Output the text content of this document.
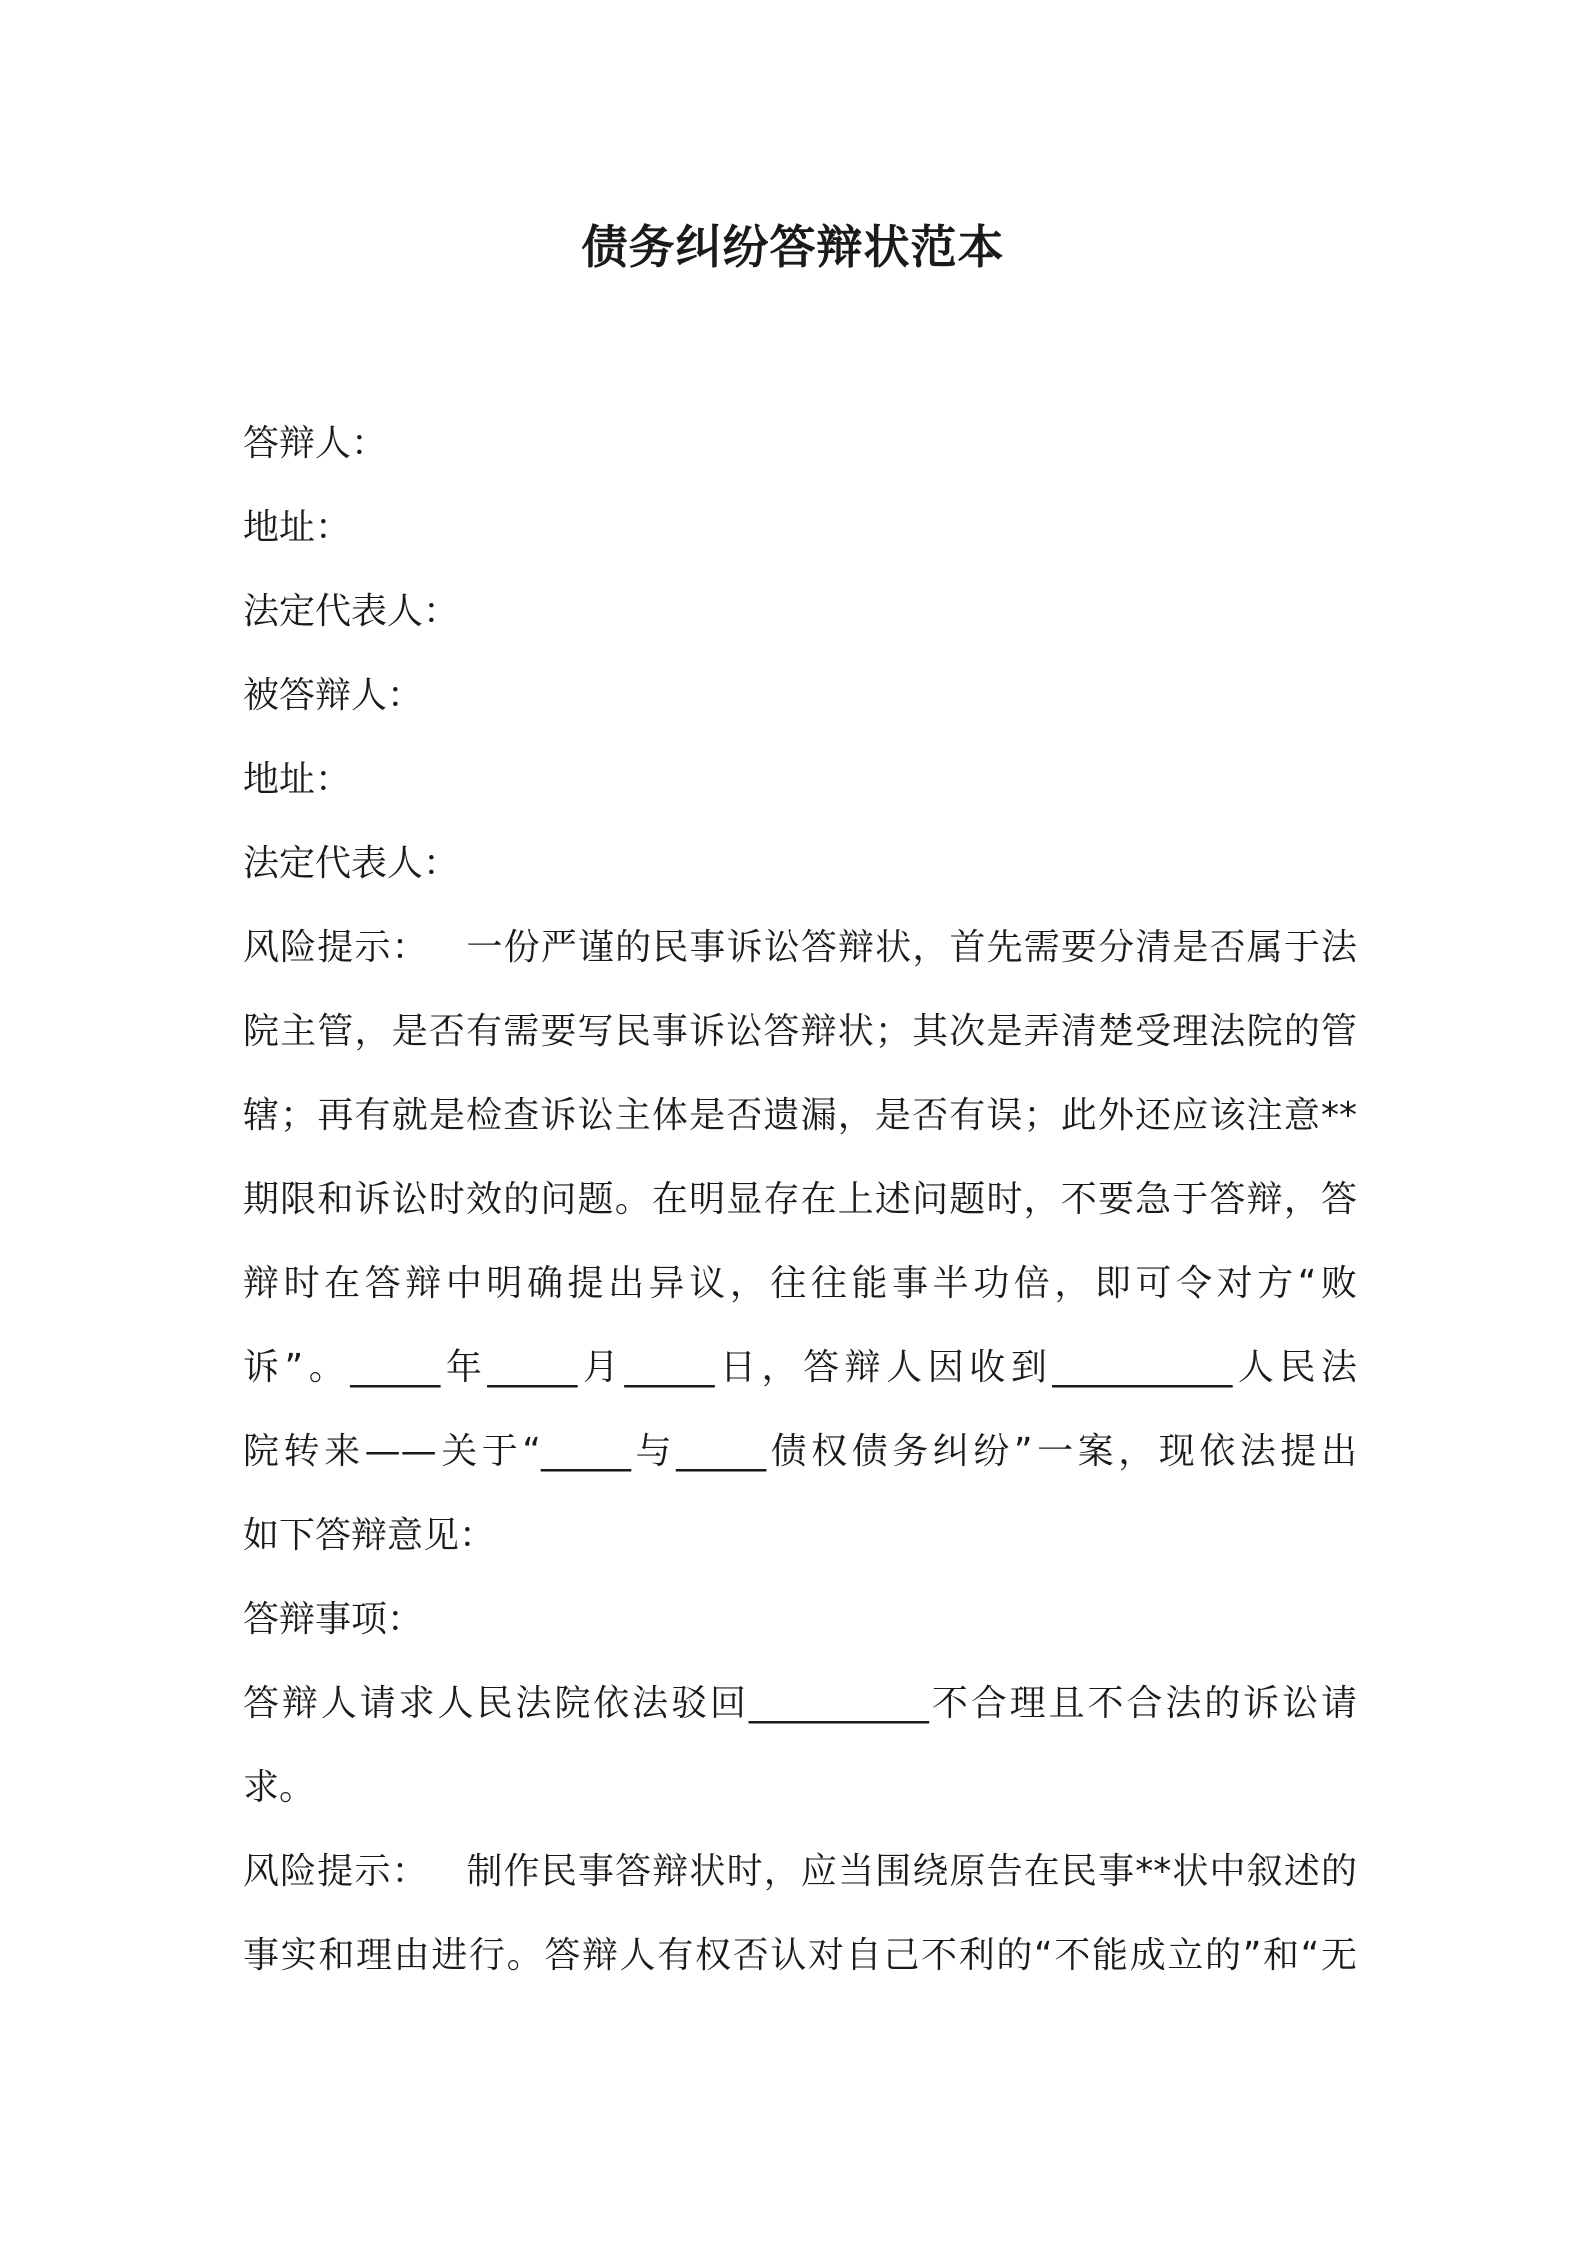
债务纠纷答辩状范本

答辩人：

地址：

法定代表人：

被答辩人：

地址：

法定代表人：

风险提示：   一份严谨的民事诉讼答辩状，首先需要分清是否属于法

院主管，是否有需要写民事诉讼答辩状；其次是弄清楚受理法院的管

辖；再有就是检查诉讼主体是否遗漏，是否有误；此外还应该注意**

期限和诉讼时效的问题。在明显存在上述问题时，不要急于答辩，答

辩时在答辩中明确提出异议，往往能事半功倍，即可令对方“败

诉”。_____年_____月_____日，答辩人因收到__________人民法

院转来——关于“_____与_____债权债务纠纷”一案，现依法提出

如下答辩意见：

答辩事项：

答辩人请求人民法院依法驳回__________不合理且不合法的诉讼请

求。

风险提示：   制作民事答辩状时，应当围绕原告在民事**状中叙述的

事实和理由进行。答辩人有权否认对自己不利的“不能成立的”和“无
